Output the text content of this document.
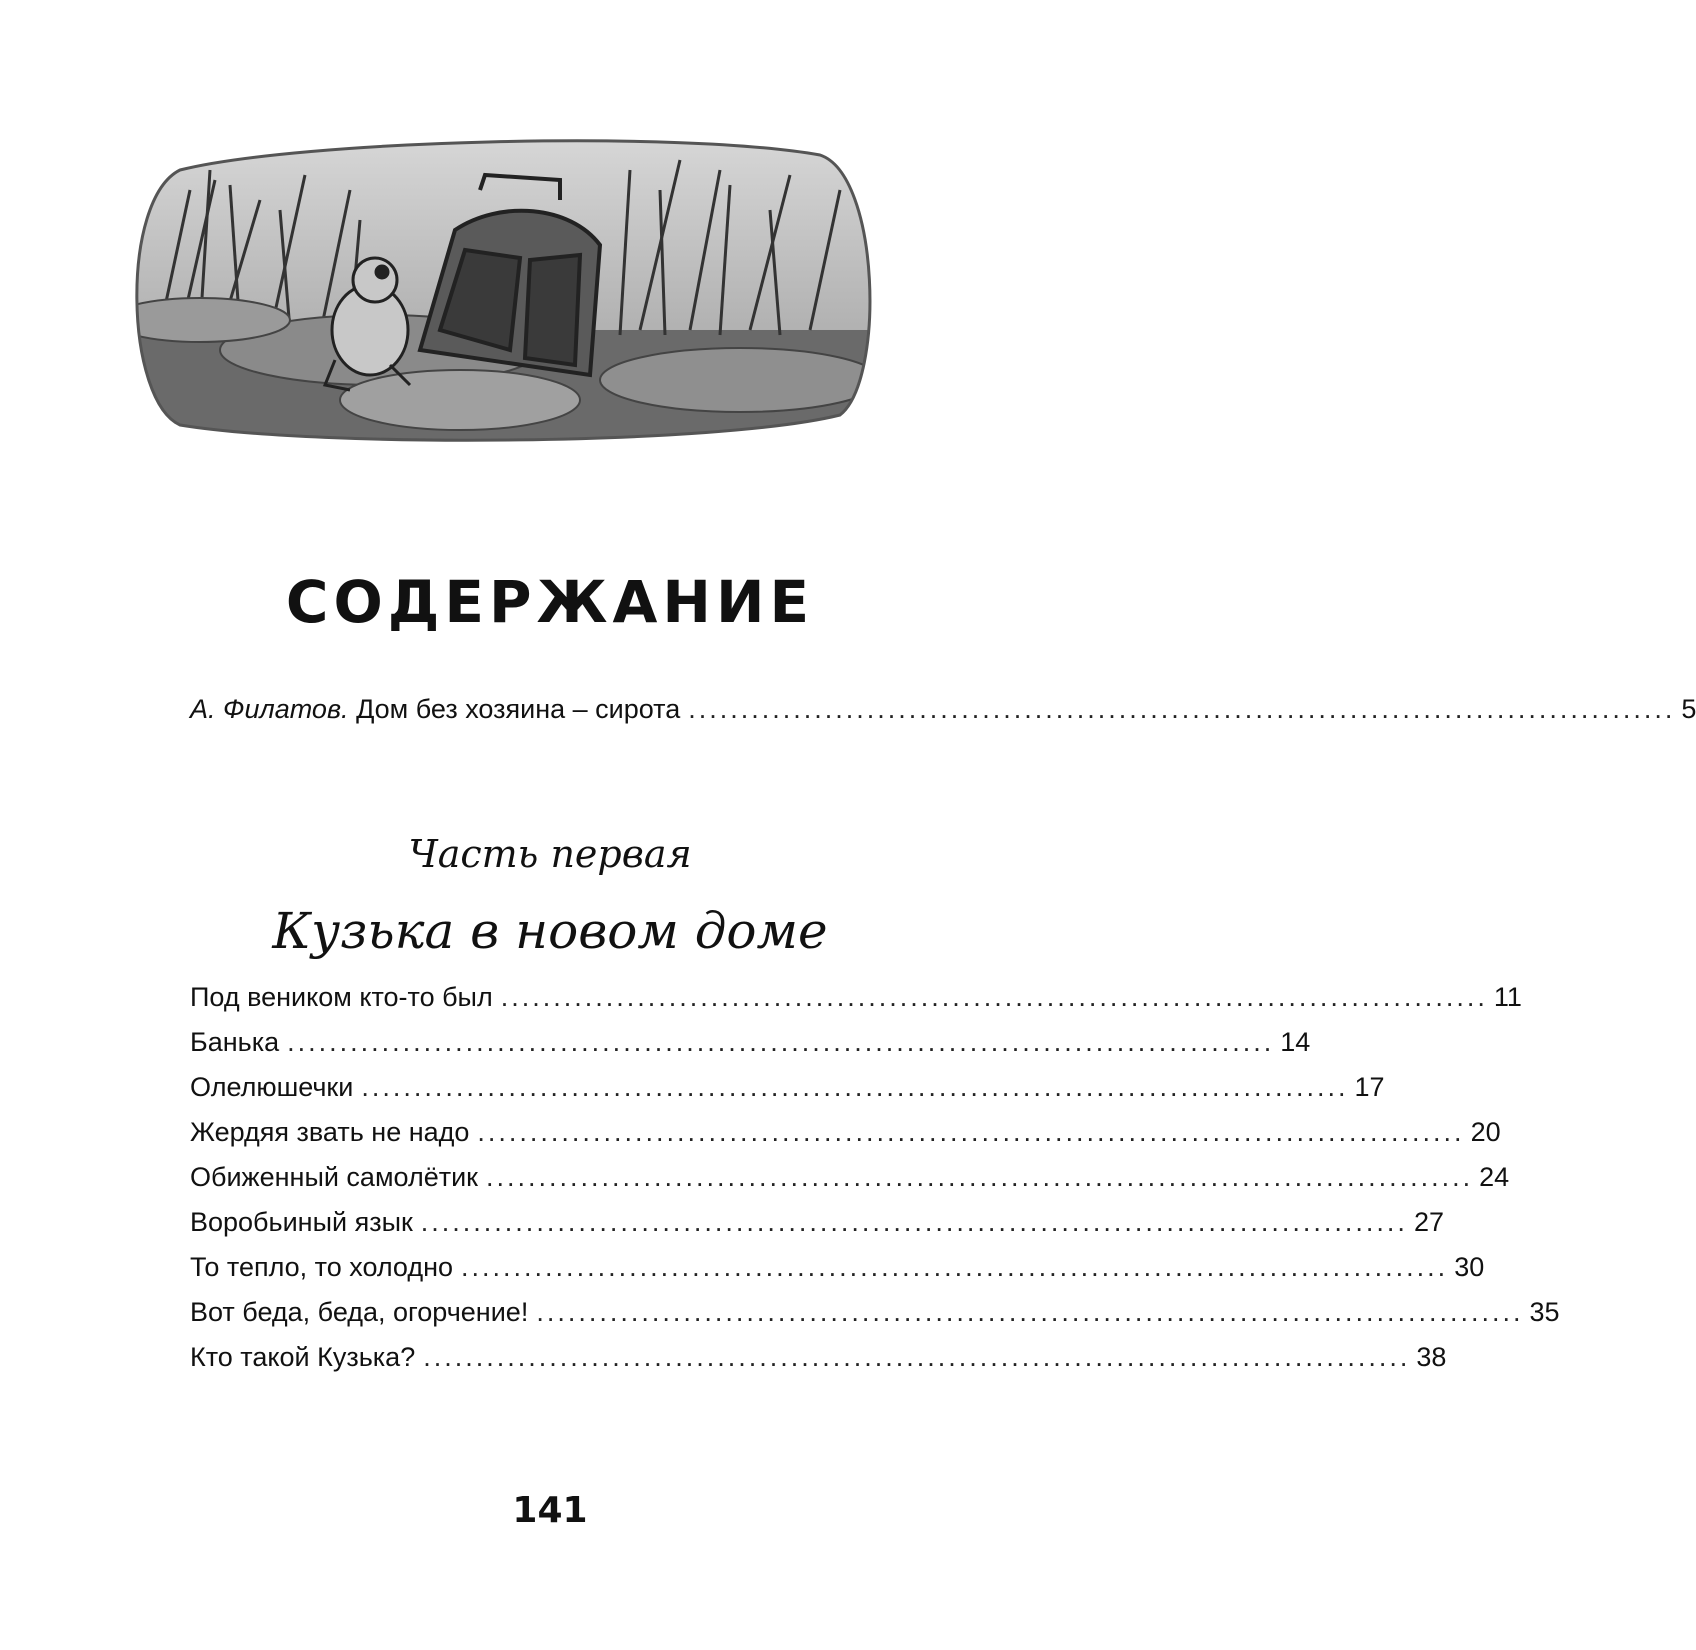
СОДЕРЖАНИЕ
А. Филатов. Дом без хозяина – сирота .............................................................................................. 5
Часть первая
Кузька в новом доме
Под веником кто-то был .............................................................................................. 11
Банька .............................................................................................. 14
Олелюшечки .............................................................................................. 17
Жердяя звать не надо .............................................................................................. 20
Обиженный самолётик .............................................................................................. 24
Воробьиный язык .............................................................................................. 27
То тепло, то холодно .............................................................................................. 30
Вот беда, беда, огорчение! .............................................................................................. 35
Кто такой Кузька? .............................................................................................. 38
141
